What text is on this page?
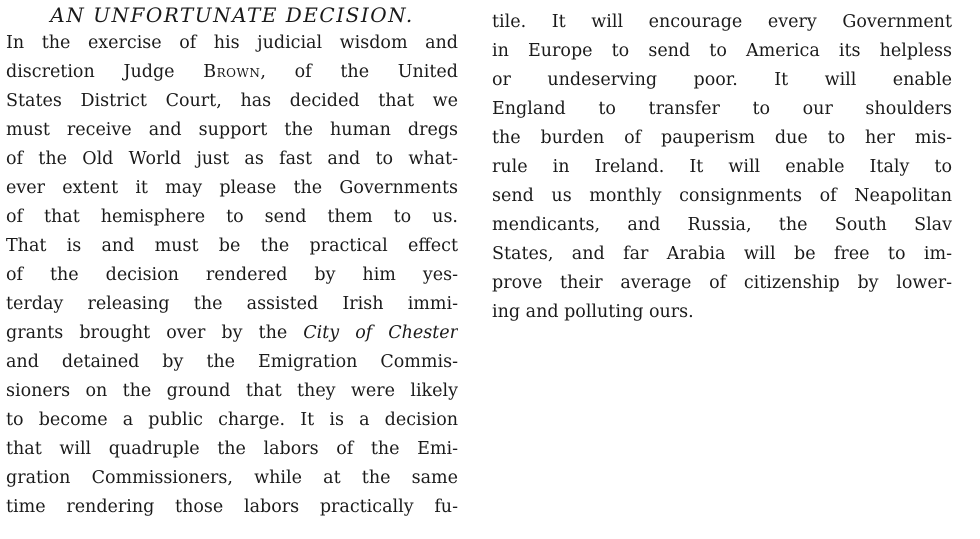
AN UNFORTUNATE DECISION.
In the exercise of his judicial wisdom and
discretion Judge Brown, of the United
States District Court, has decided that we
must receive and support the human dregs
of the Old World just as fast and to what-
ever extent it may please the Governments
of that hemisphere to send them to us.
That is and must be the practical effect
of the decision rendered by him yes-
terday releasing the assisted Irish immi-
grants brought over by the City of Chester
and detained by the Emigration Commis-
sioners on the ground that they were likely
to become a public charge. It is a decision
that will quadruple the labors of the Emi-
gration Commissioners, while at the same
time rendering those labors practically fu-
tile. It will encourage every Government
in Europe to send to America its helpless
or undeserving poor. It will enable
England to transfer to our shoulders
the burden of pauperism due to her mis-
rule in Ireland. It will enable Italy to
send us monthly consignments of Neapolitan
mendicants, and Russia, the South Slav
States, and far Arabia will be free to im-
prove their average of citizenship by lower-
ing and polluting ours.
